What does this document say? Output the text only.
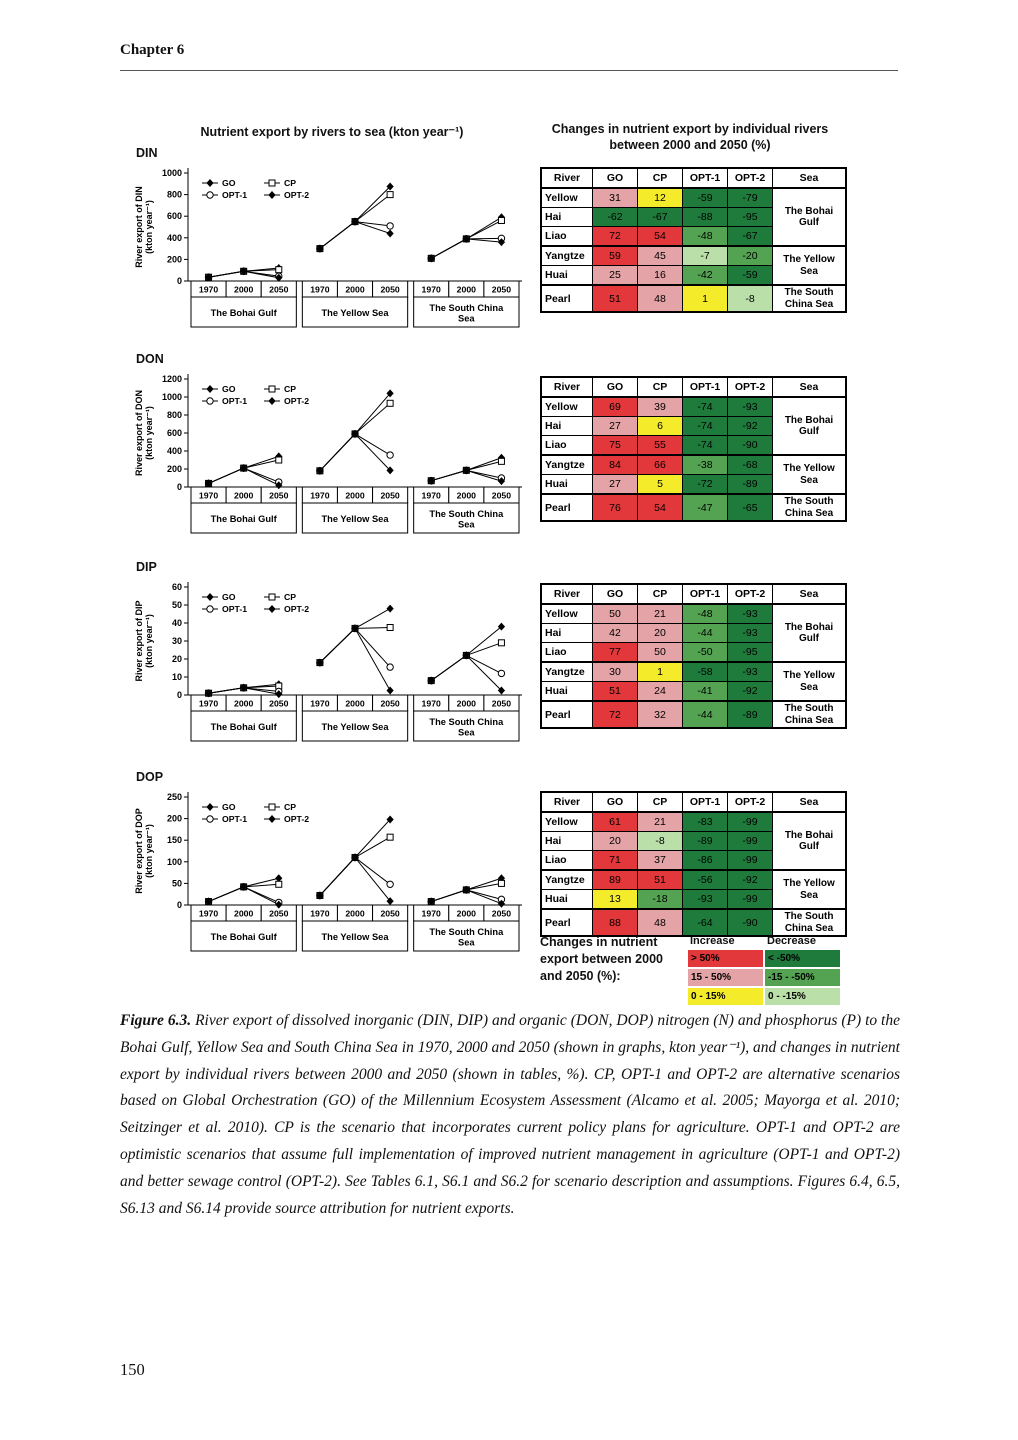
Chapter 6
Nutrient export by rivers to sea (kton year⁻¹)	Changes in nutrient export by individual rivers between 2000 and 2050 (%)
DIN
0
200
400
600
800
1000
River export of DIN(kton year⁻¹)
1970 2000 2050
The Bohai Gulf
1970 2000 2050
The Yellow Sea
1970 2000 2050
The South China Sea
GO	CP
OPT-1	OPT-2
DON
0
200
400
600
800
1000
1200
River export of DON(kton year⁻¹)
1970 2000 2050
The Bohai Gulf
1970 2000 2050
The Yellow Sea
1970 2000 2050
The South China Sea
GO	CP
OPT-1	OPT-2
DIP
0
10
20
30
40
50
60
River export of DIP(kton year⁻¹)
1970 2000 2050
The Bohai Gulf
1970 2000 2050
The Yellow Sea
1970 2000 2050
The South China Sea
GO	CP
OPT-1	OPT-2
DOP
0
50
100
150
200
250
River export of DOP(kton year⁻¹)
1970 2000 2050
The Bohai Gulf
1970 2000 2050
The Yellow Sea
1970 2000 2050
The South China Sea
GO	CP
OPT-1	OPT-2
River	GO	CP	OPT-1	OPT-2	Sea
Yellow	31	12	-59	-79	The Bohai Gulf
Hai	-62	-67	-88	-95	
Liao	72	54	-48	-67	
Yangtze	59	45	-7	-20	The Yellow Sea
Huai	25	16	-42	-59	
Pearl	51	48	1	-8	The South China Sea
River	GO	CP	OPT-1	OPT-2	Sea
Yellow	69	39	-74	-93	The Bohai Gulf
Hai	27	6	-74	-92	
Liao	75	55	-74	-90	
Yangtze	84	66	-38	-68	The Yellow Sea
Huai	27	5	-72	-89	
Pearl	76	54	-47	-65	The South China Sea
River	GO	CP	OPT-1	OPT-2	Sea
Yellow	50	21	-48	-93	The Bohai Gulf
Hai	42	20	-44	-93	
Liao	77	50	-50	-95	
Yangtze	30	1	-58	-93	The Yellow Sea
Huai	51	24	-41	-92	
Pearl	72	32	-44	-89	The South China Sea
River	GO	CP	OPT-1	OPT-2	Sea
Yellow	61	21	-83	-99	The Bohai Gulf
Hai	20	-8	-89	-99	
Liao	71	37	-86	-99	
Yangtze	89	51	-56	-92	The Yellow Sea
Huai	13	-18	-93	-99	
Pearl	88	48	-64	-90	The South China Sea
Changes in nutrient export between 2000 and 2050 (%):
Increase
> 50%
15 - 50%
0 - 15%
Decrease
< -50%
-15 - -50%
0 - -15%
Figure 6.3. River export of dissolved inorganic (DIN, DIP) and organic (DON, DOP) nitrogen (N) and phosphorus (P) to the Bohai Gulf, Yellow Sea and South China Sea in 1970, 2000 and 2050 (shown in graphs, kton year⁻¹), and changes in nutrient export by individual rivers between 2000 and 2050 (shown in tables, %). CP, OPT-1 and OPT-2 are alternative scenarios based on Global Orchestration (GO) of the Millennium Ecosystem Assessment (Alcamo et al. 2005; Mayorga et al. 2010; Seitzinger et al. 2010). CP is the scenario that incorporates current policy plans for agriculture. OPT-1 and OPT-2 are optimistic scenarios that assume full implementation of improved nutrient management in agriculture (OPT-1 and OPT-2) and better sewage control (OPT-2). See Tables 6.1, S6.1 and S6.2 for scenario description and assumptions. Figures 6.4, 6.5, S6.13 and S6.14 provide source attribution for nutrient exports.
150
